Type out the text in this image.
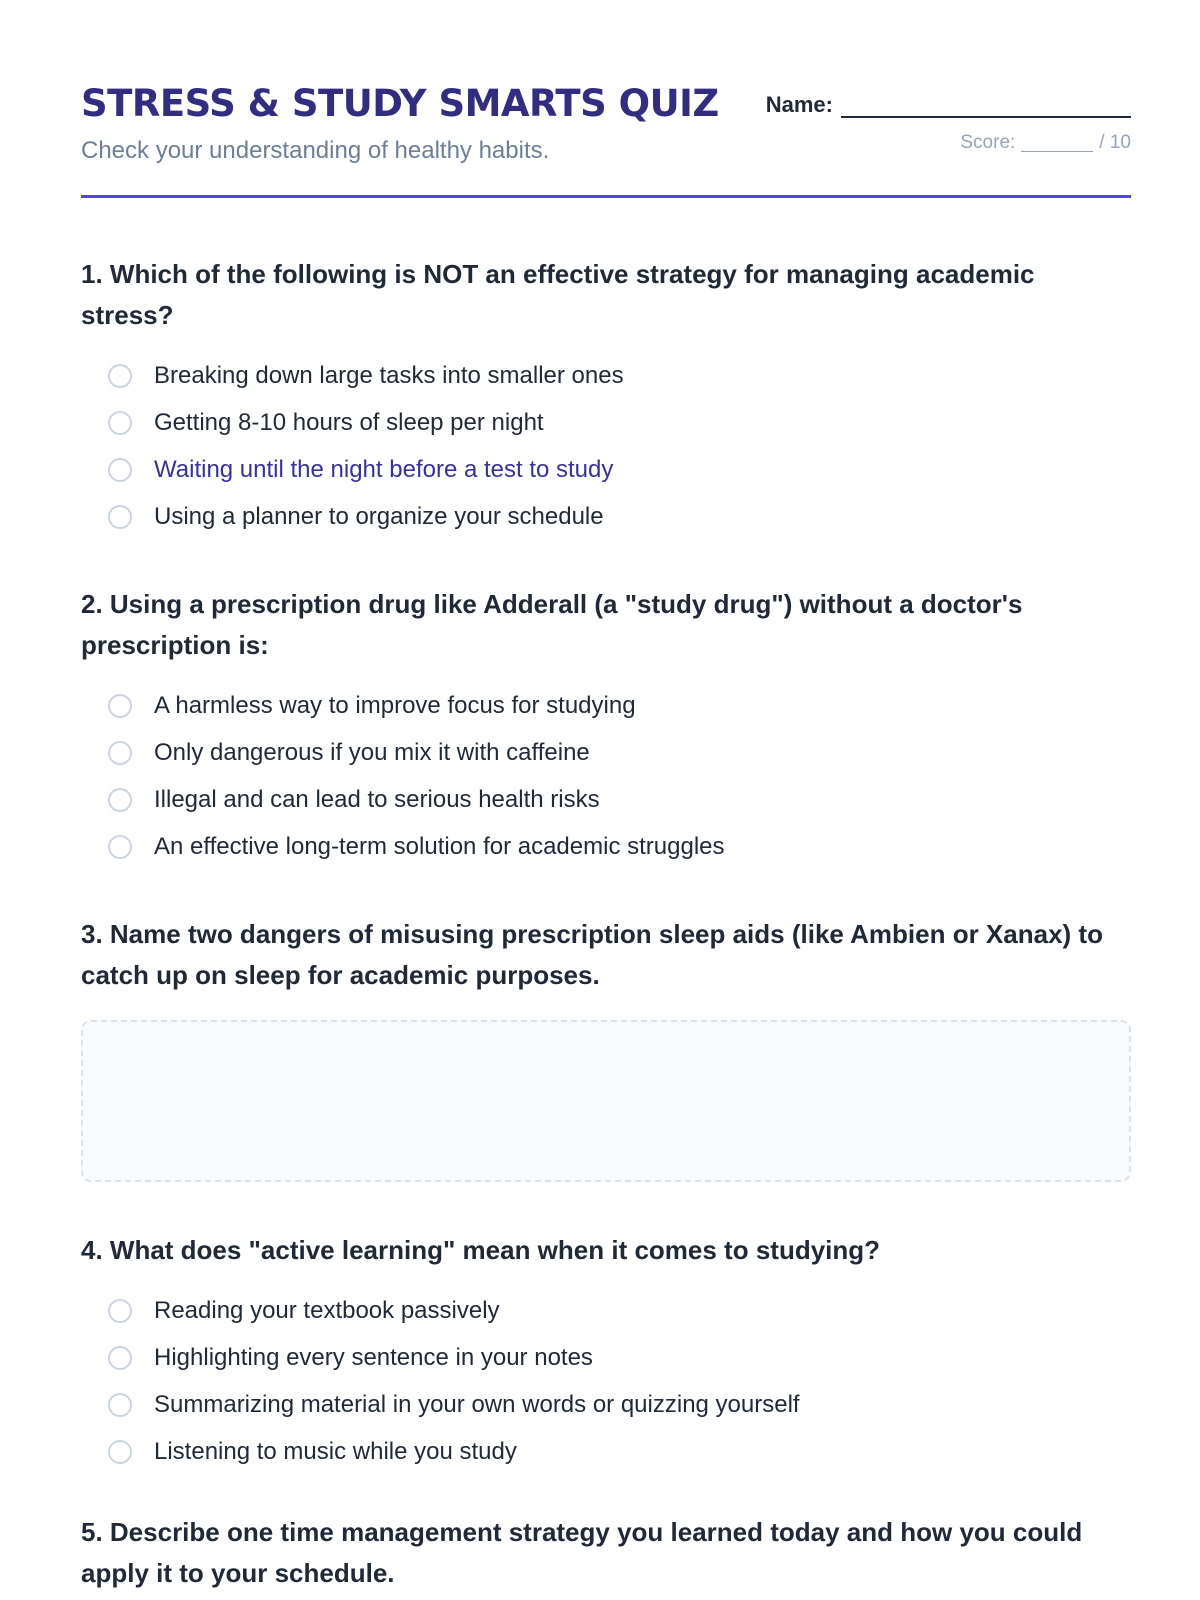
STRESS & STUDY SMARTS QUIZ
Check your understanding of healthy habits.
Name:
Score:	/ 10

1. Which of the following is NOT an effective strategy for managing academic stress?

Breaking down large tasks into smaller ones
Getting 8-10 hours of sleep per night
Waiting until the night before a test to study
Using a planner to organize your schedule

2. Using a prescription drug like Adderall (a "study drug") without a doctor's prescription is:

A harmless way to improve focus for studying
Only dangerous if you mix it with caffeine
Illegal and can lead to serious health risks
An effective long-term solution for academic struggles

3. Name two dangers of misusing prescription sleep aids (like Ambien or Xanax) to catch up on sleep for academic purposes.

4. What does "active learning" mean when it comes to studying?

Reading your textbook passively
Highlighting every sentence in your notes
Summarizing material in your own words or quizzing yourself
Listening to music while you study

5. Describe one time management strategy you learned today and how you could apply it to your schedule.
